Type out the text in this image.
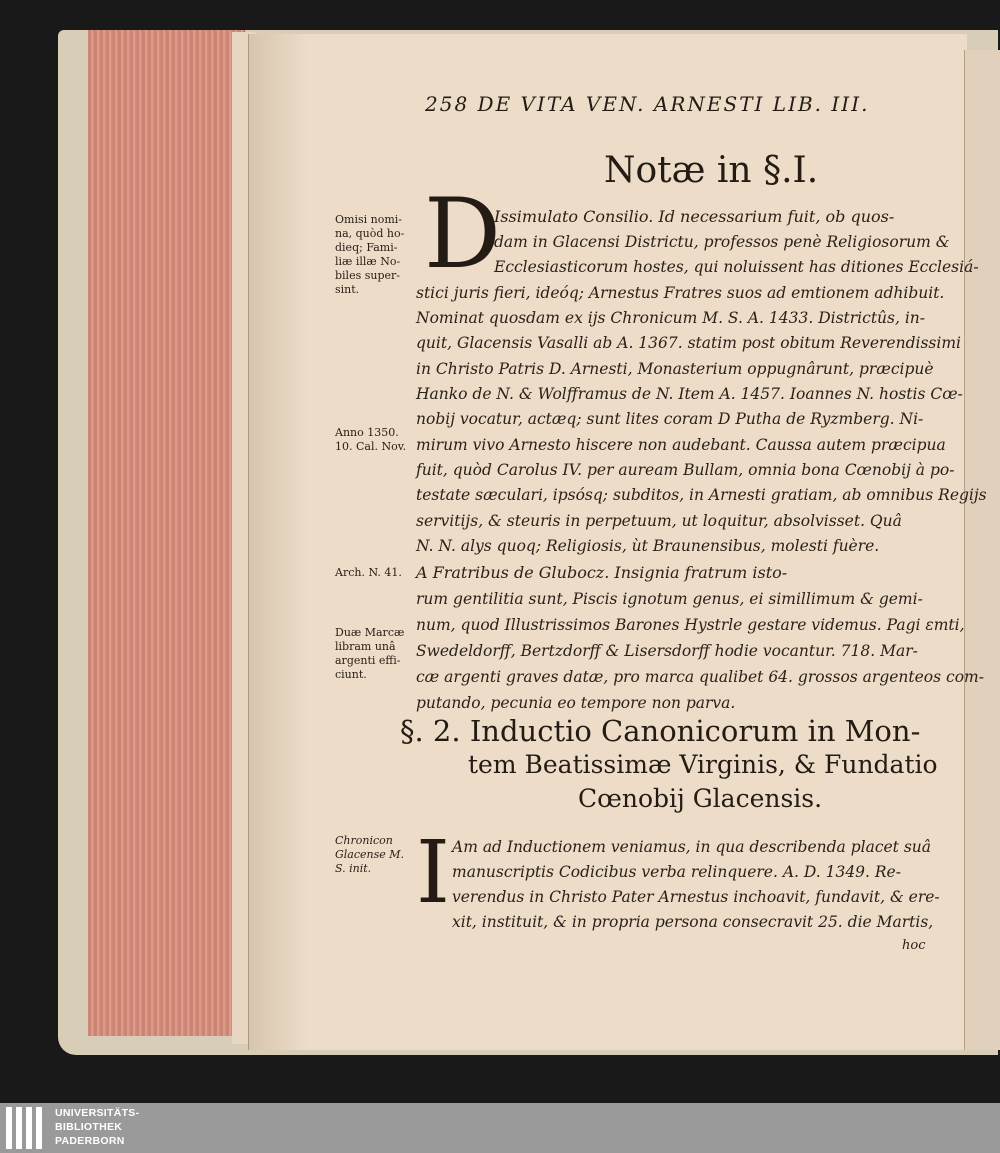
258 DE VITA VEN. ARNESTI LIB. III.
Notæ in §.I.
D
Issimulato Consilio. Id necessarium fuit, ob quos-
dam in Glacensi Districtu, professos penè Religiosorum &
Ecclesiasticorum hostes, qui noluissent has ditiones Ecclesiá-
stici juris fieri, ideóq; Arnestus Fratres suos ad emtionem adhibuit.
Nominat quosdam ex ijs Chronicum M. S. A. 1433. Districtûs, in-
quit, Glacensis Vasalli ab A. 1367. statim post obitum Reverendissimi
in Christo Patris D. Arnesti, Monasterium oppugnârunt, præcipuè
Hanko de N. & Wolfframus de N. Item A. 1457. Ioannes N. hostis Cœ-
nobij vocatur, actæq; sunt lites coram D Putha de Ryzmberg. Ni-
mirum vivo Arnesto hiscere non audebant. Caussa autem præcipua
fuit, quòd Carolus IV. per auream Bullam, omnia bona Cœnobij à po-
testate sæculari, ipsósq; subditos, in Arnesti gratiam, ab omnibus Regijs
servitijs, & steuris in perpetuum, ut loquitur, absolvisset. Quâ
N. N. alys quoq; Religiosis, ùt Braunensibus, molesti fuère.
A Fratribus de Glubocz. Insignia fratrum isto-
rum gentilitia sunt, Piscis ignotum genus, ei simillimum & gemi-
num, quod Illustrissimos Barones Hystrle gestare videmus. Pagi ɛmti,
Swedeldorff, Bertzdorff & Lisersdorff hodie vocantur. 718. Mar-
cæ argenti graves datæ, pro marca qualibet 64. grossos argenteos com-
putando, pecunia eo tempore non parva.
Omisi nomi- na, quòd ho- dieq; Fami- liæ illæ No- biles super- sint.
Anno 1350. 10. Cal. Nov.
Arch. N. 41.
Duæ Marcæ libram unâ argenti effi- ciunt.
Chronicon Glacense M. S. init.
§. 2. Inductio Canonicorum in Mon-
tem Beatissimæ Virginis, & Fundatio
Cœnobij Glacensis.
I Am ad Inductionem veniamus, in qua describenda placet suâ
manuscriptis Codicibus verba relinquere. A. D. 1349. Re-
verendus in Christo Pater Arnestus inchoavit, fundavit, & ere-
xit, instituit, & in propria persona consecravit 25. die Martis,
hoc
UNIVERSITÄTS-
BIBLIOTHEK
PADERBORN
